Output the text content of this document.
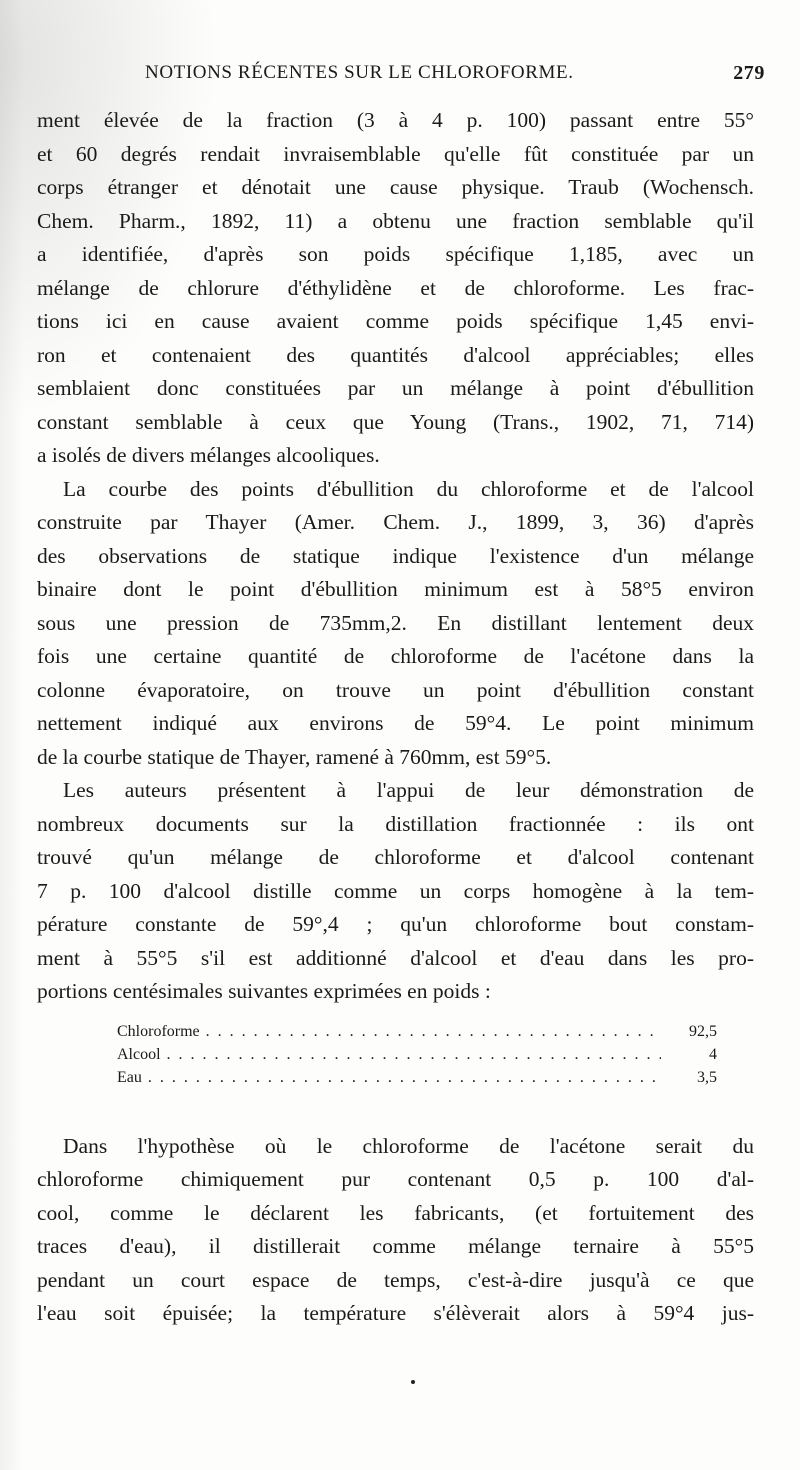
NOTIONS RÉCENTES SUR LE CHLOROFORME.	279
ment élevée de la fraction (3 à 4 p. 100) passant entre 55°
et 60 degrés rendait invraisemblable qu'elle fût constituée par un
corps étranger et dénotait une cause physique. Traub (Wochensch.
Chem. Pharm., 1892, 11) a obtenu une fraction semblable qu'il
a identifiée, d'après son poids spécifique 1,185, avec un
mélange de chlorure d'éthylidène et de chloroforme. Les frac-
tions ici en cause avaient comme poids spécifique 1,45 envi-
ron et contenaient des quantités d'alcool appréciables; elles
semblaient donc constituées par un mélange à point d'ébullition
constant semblable à ceux que Young (Trans., 1902, 71, 714)
a isolés de divers mélanges alcooliques.
La courbe des points d'ébullition du chloroforme et de l'alcool
construite par Thayer (Amer. Chem. J., 1899, 3, 36) d'après
des observations de statique indique l'existence d'un mélange
binaire dont le point d'ébullition minimum est à 58°5 environ
sous une pression de 735mm,2. En distillant lentement deux
fois une certaine quantité de chloroforme de l'acétone dans la
colonne évaporatoire, on trouve un point d'ébullition constant
nettement indiqué aux environs de 59°4. Le point minimum
de la courbe statique de Thayer, ramené à 760mm, est 59°5.
Les auteurs présentent à l'appui de leur démonstration de
nombreux documents sur la distillation fractionnée : ils ont
trouvé qu'un mélange de chloroforme et d'alcool contenant
7 p. 100 d'alcool distille comme un corps homogène à la tem-
pérature constante de 59°,4 ; qu'un chloroforme bout constam-
ment à 55°5 s'il est additionné d'alcool et d'eau dans les pro-
portions centésimales suivantes exprimées en poids :
Chloroforme . . .	92,5
Alcool . . .	4
Eau . . .	3,5
Dans l'hypothèse où le chloroforme de l'acétone serait du
chloroforme chimiquement pur contenant 0,5 p. 100 d'al-
cool, comme le déclarent les fabricants, (et fortuitement des
traces d'eau), il distillerait comme mélange ternaire à 55°5
pendant un court espace de temps, c'est-à-dire jusqu'à ce que
l'eau soit épuisée; la température s'élèverait alors à 59°4 jus-
